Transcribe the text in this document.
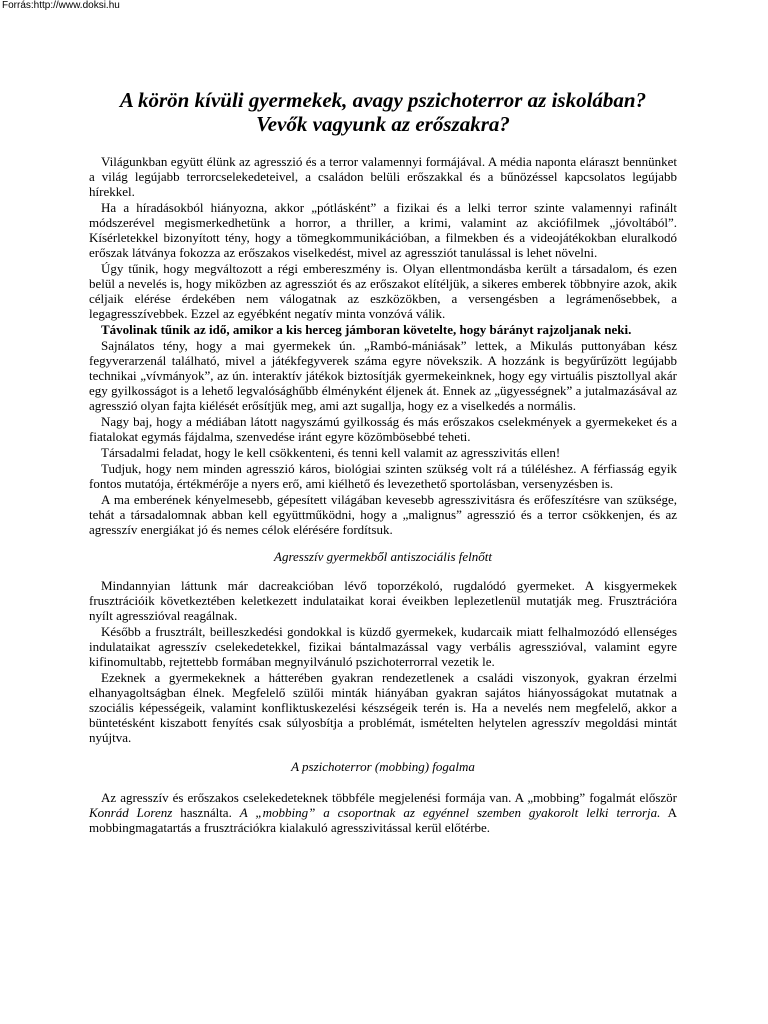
Forrás:http://www.doksi.hu
A körön kívüli gyermekek, avagy pszichoterror az iskolában?
Vevők vagyunk az erőszakra?

Világunkban együtt élünk az agresszió és a terror valamennyi formájával. A média naponta eláraszt bennünket a világ legújabb terrorcselekedeteivel, a családon belüli erőszakkal és a bűnözéssel kapcsolatos legújabb hírekkel.

Ha a híradásokból hiányozna, akkor „pótlásként” a fizikai és a lelki terror szinte valamennyi rafinált módszerével megismerkedhetünk a horror, a thriller, a krimi, valamint az akciófilmek „jóvoltából”. Kísérletekkel bizonyított tény, hogy a tömegkommunikációban, a filmekben és a videojátékokban eluralkodó erőszak látványa fokozza az erőszakos viselkedést, mivel az agressziót tanulással is lehet növelni.

Úgy tűnik, hogy megváltozott a régi embereszmény is. Olyan ellentmondásba került a társadalom, és ezen belül a nevelés is, hogy miközben az agressziót és az erőszakot elítéljük, a sikeres emberek többnyire azok, akik céljaik elérése érdekében nem válogatnak az eszközökben, a versengésben a legrámenősebbek, a legagresszívebbek. Ezzel az egyébként negatív minta vonzóvá válik.

Távolinak tűnik az idő, amikor a kis herceg jámboran követelte, hogy bárányt rajzoljanak neki.

Sajnálatos tény, hogy a mai gyermekek ún. „Rambó-mániásak” lettek, a Mikulás puttonyában kész fegyverarzenál található, mivel a játékfegyverek száma egyre növekszik. A hozzánk is begyűrűzött legújabb technikai „vívmányok”, az ún. interaktív játékok biztosítják gyermekeinknek, hogy egy virtuális pisztollyal akár egy gyilkosságot is a lehető legvalósághűbb élményként éljenek át. Ennek az „ügyességnek” a jutalmazásával az agresszió olyan fajta kiélését erősítjük meg, ami azt sugallja, hogy ez a viselkedés a normális.

Nagy baj, hogy a médiában látott nagyszámú gyilkosság és más erőszakos cselekmények a gyermekeket és a fiatalokat egymás fájdalma, szenvedése iránt egyre közömbösebbé teheti.

Társadalmi feladat, hogy le kell csökkenteni, és tenni kell valamit az agresszivitás ellen!

Tudjuk, hogy nem minden agresszió káros, biológiai szinten szükség volt rá a túléléshez. A férfiasság egyik fontos mutatója, értékmérője a nyers erő, ami kiélhető és levezethető sportolásban, versenyzésben is.

A ma emberének kényelmesebb, gépesített világában kevesebb agresszivitásra és erőfeszítésre van szüksége, tehát a társadalomnak abban kell együttműködni, hogy a „malignus” agresszió és a terror csökkenjen, és az agresszív energiákat jó és nemes célok elérésére fordítsuk.

Agresszív gyermekből antiszociális felnőtt

Mindannyian láttunk már dacreakcióban lévő toporzékoló, rugdalódó gyermeket. A kisgyermekek frusztrációik következtében keletkezett indulataikat korai éveikben leplezetlenül mutatják meg. Frusztrációra nyílt agresszióval reagálnak.

Később a frusztrált, beilleszkedési gondokkal is küzdő gyermekek, kudarcaik miatt felhalmozódó ellenséges indulataikat agresszív cselekedetekkel, fizikai bántalmazással vagy verbális agresszióval, valamint egyre kifinomultabb, rejtettebb formában megnyilvánuló pszichoterrorral vezetik le.

Ezeknek a gyermekeknek a hátterében gyakran rendezetlenek a családi viszonyok, gyakran érzelmi elhanyagoltságban élnek. Megfelelő szülői minták hiányában gyakran sajátos hiányosságokat mutatnak a szociális képességeik, valamint konfliktuskezelési készségeik terén is. Ha a nevelés nem megfelelő, akkor a büntetésként kiszabott fenyítés csak súlyosbítja a problémát, ismételten helytelen agresszív megoldási mintát nyújtva.

A pszichoterror (mobbing) fogalma

Az agresszív és erőszakos cselekedeteknek többféle megjelenési formája van. A „mobbing” fogalmát először Konrád Lorenz használta. A „mobbing” a csoportnak az egyénnel szemben gyakorolt lelki terrorja. A mobbingmagatartás a frusztrációkra kialakuló agresszivitással kerül előtérbe.
